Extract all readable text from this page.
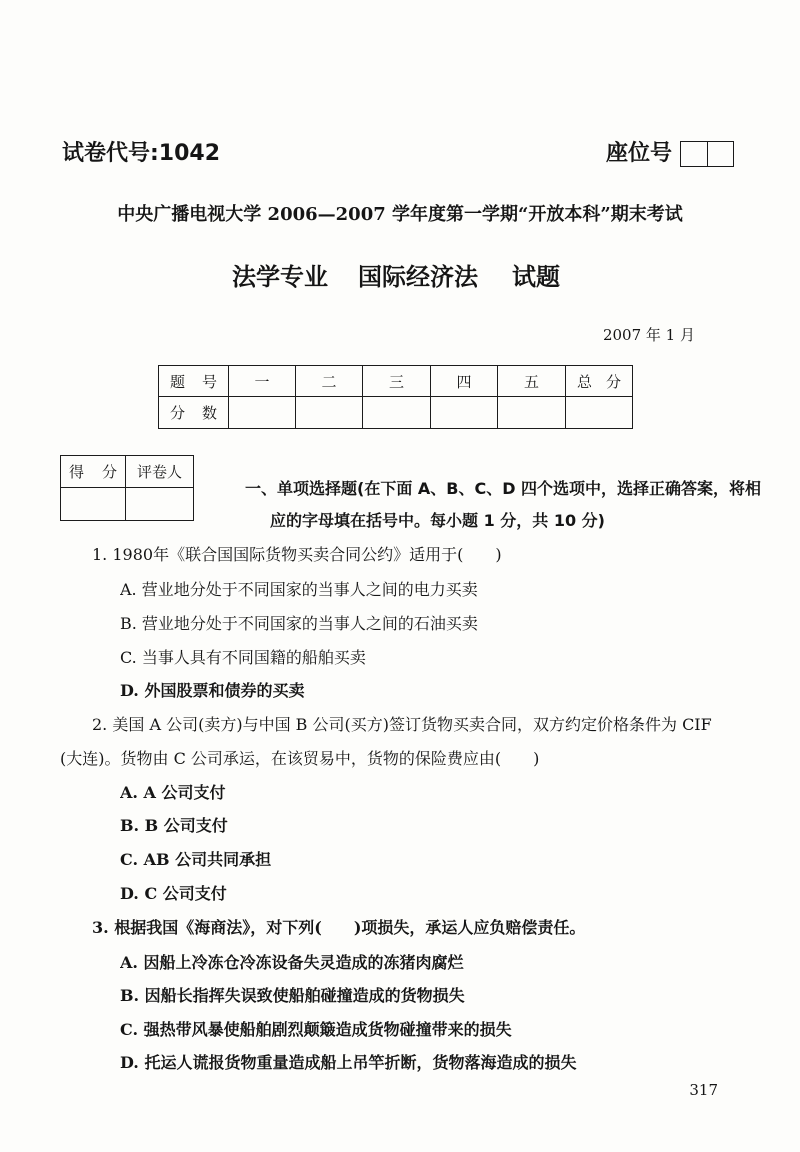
试卷代号:1042	座位号
中央广播电视大学 2006—2007 学年度第一学期“开放本科”期末考试
法学专业 国际经济法 试题
2007 年 1 月
题 号	一	二	三	四	五	总 分
分 数						
得 分	评卷人

一、单项选择题(在下面 A、B、C、D 四个选项中，选择正确答案，将相
应的字母填在括号中。每小题 1 分，共 10 分)
1. 1980年《联合国国际货物买卖合同公约》适用于(　　)
A. 营业地分处于不同国家的当事人之间的电力买卖
B. 营业地分处于不同国家的当事人之间的石油买卖
C. 当事人具有不同国籍的船舶买卖
D. 外国股票和债券的买卖
2. 美国 A 公司(卖方)与中国 B 公司(买方)签订货物买卖合同，双方约定价格条件为 CIF
(大连)。货物由 C 公司承运，在该贸易中，货物的保险费应由(　　)
A. A 公司支付
B. B 公司支付
C. AB 公司共同承担
D. C 公司支付
3. 根据我国《海商法》，对下列(　　)项损失，承运人应负赔偿责任。
A. 因船上冷冻仓冷冻设备失灵造成的冻猪肉腐烂
B. 因船长指挥失误致使船舶碰撞造成的货物损失
C. 强热带风暴使船舶剧烈颠簸造成货物碰撞带来的损失
D. 托运人谎报货物重量造成船上吊竿折断，货物落海造成的损失
317
